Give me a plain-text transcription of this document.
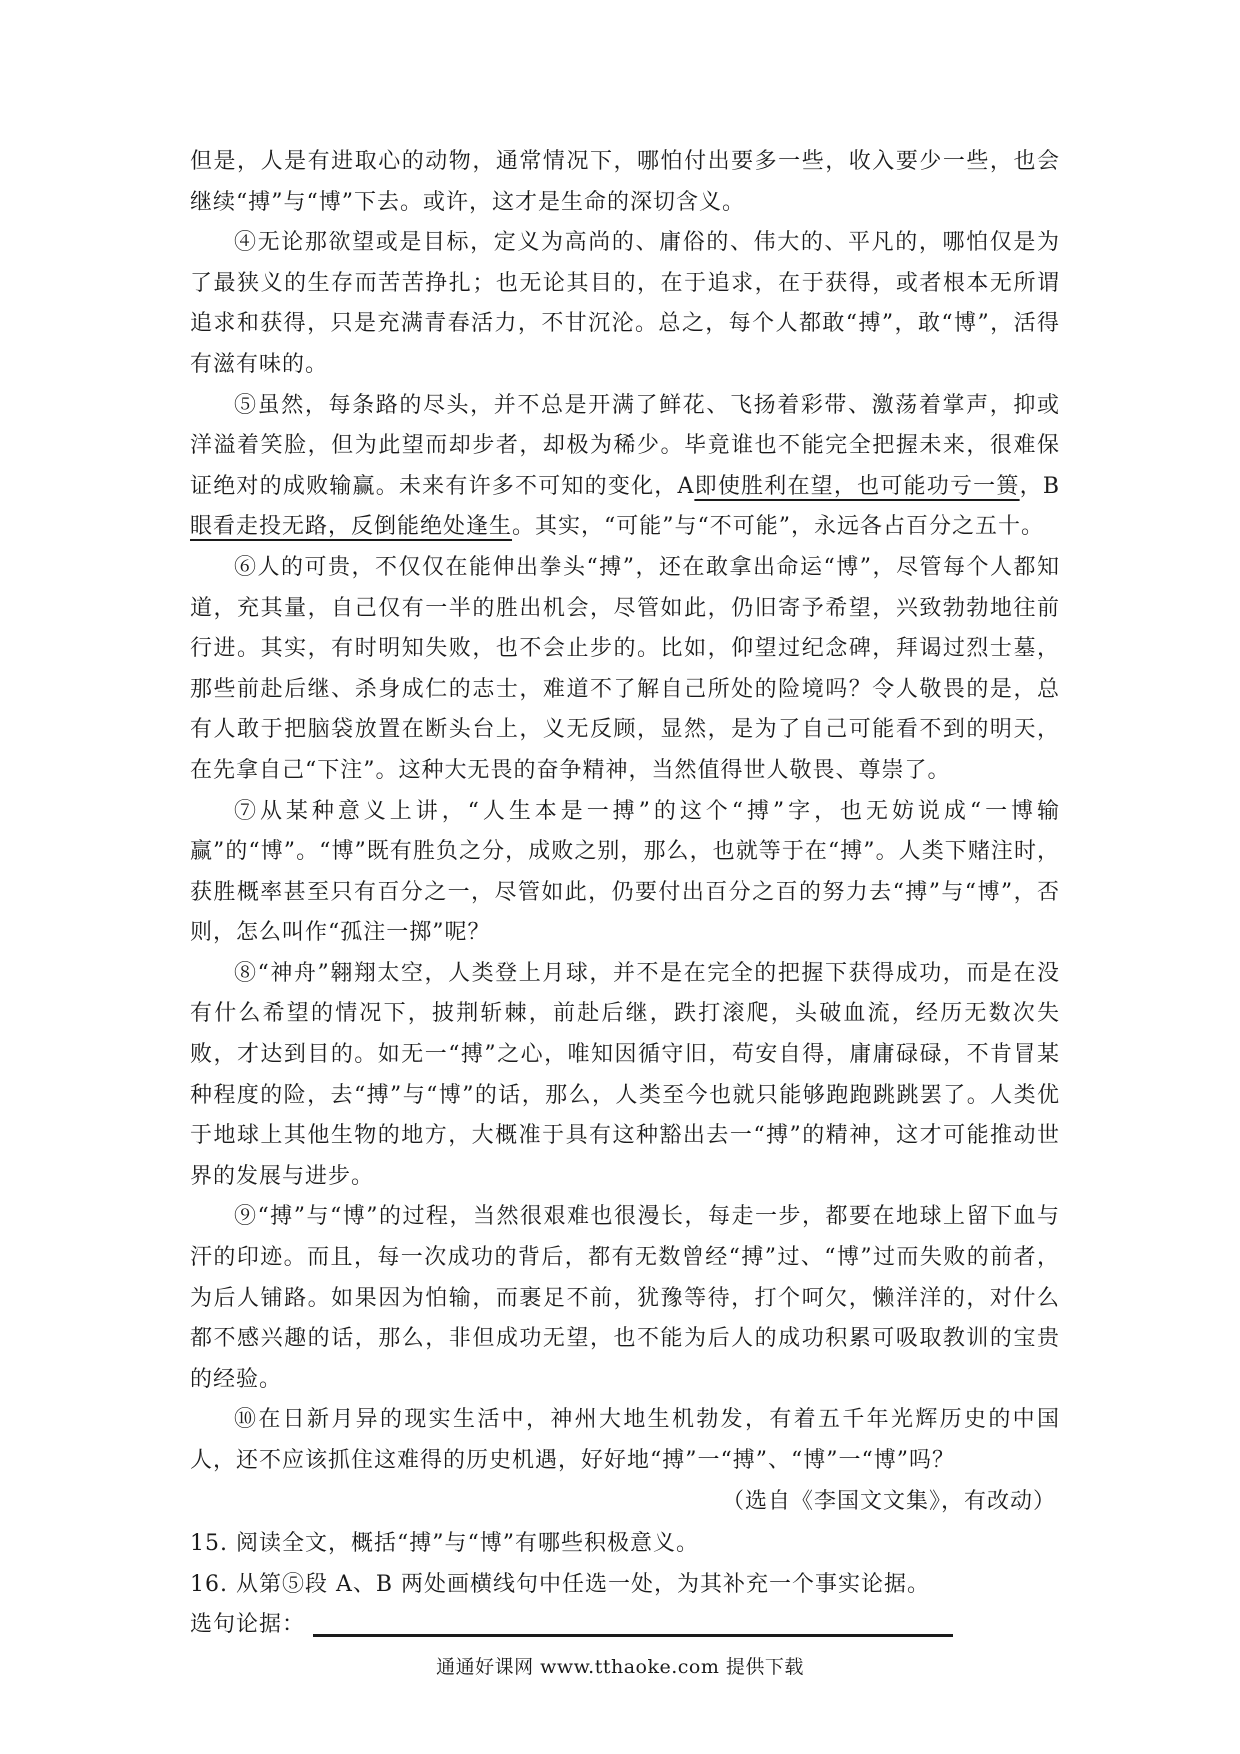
但是，人是有进取心的动物，通常情况下，哪怕付出要多一些，收入要少一些，也会继续“搏”与“博”下去。或许，这才是生命的深切含义。

④无论那欲望或是目标，定义为高尚的、庸俗的、伟大的、平凡的，哪怕仅是为了最狭义的生存而苦苦挣扎；也无论其目的，在于追求，在于获得，或者根本无所谓追求和获得，只是充满青春活力，不甘沉沦。总之，每个人都敢“搏”，敢“博”，活得有滋有味的。

⑤虽然，每条路的尽头，并不总是开满了鲜花、飞扬着彩带、激荡着掌声，抑或洋溢着笑脸，但为此望而却步者，却极为稀少。毕竟谁也不能完全把握未来，很难保证绝对的成败输赢。未来有许多不可知的变化，A即使胜利在望，也可能功亏一篑，B眼看走投无路，反倒能绝处逢生。其实，“可能”与“不可能”，永远各占百分之五十。

⑥人的可贵，不仅仅在能伸出拳头“搏”，还在敢拿出命运“博”，尽管每个人都知道，充其量，自己仅有一半的胜出机会，尽管如此，仍旧寄予希望，兴致勃勃地往前行进。其实，有时明知失败，也不会止步的。比如，仰望过纪念碑，拜谒过烈士墓，那些前赴后继、杀身成仁的志士，难道不了解自己所处的险境吗？令人敬畏的是，总有人敢于把脑袋放置在断头台上，义无反顾，显然，是为了自己可能看不到的明天，在先拿自己“下注”。这种大无畏的奋争精神，当然值得世人敬畏、尊崇了。

⑦从某种意义上讲，“人生本是一搏”的这个“搏”字，也无妨说成“一博输赢”的“博”。“博”既有胜负之分，成败之别，那么，也就等于在“搏”。人类下赌注时，获胜概率甚至只有百分之一，尽管如此，仍要付出百分之百的努力去“搏”与“博”，否则，怎么叫作“孤注一掷”呢？

⑧“神舟”翱翔太空，人类登上月球，并不是在完全的把握下获得成功，而是在没有什么希望的情况下，披荆斩棘，前赴后继，跌打滚爬，头破血流，经历无数次失败，才达到目的。如无一“搏”之心，唯知因循守旧，苟安自得，庸庸碌碌，不肯冒某种程度的险，去“搏”与“博”的话，那么，人类至今也就只能够跑跑跳跳罢了。人类优于地球上其他生物的地方，大概准于具有这种豁出去一“搏”的精神，这才可能推动世界的发展与进步。

⑨“搏”与“博”的过程，当然很艰难也很漫长，每走一步，都要在地球上留下血与汗的印迹。而且，每一次成功的背后，都有无数曾经“搏”过、“博”过而失败的前者，为后人铺路。如果因为怕输，而裹足不前，犹豫等待，打个呵欠，懒洋洋的，对什么都不感兴趣的话，那么，非但成功无望，也不能为后人的成功积累可吸取教训的宝贵的经验。

⑩在日新月异的现实生活中，神州大地生机勃发，有着五千年光辉历史的中国人，还不应该抓住这难得的历史机遇，好好地“搏”一“搏”、“博”一“博”吗？

（选自《李国文文集》，有改动）

15. 阅读全文，概括“搏”与“博”有哪些积极意义。

16. 从第⑤段 A、B 两处画横线句中任选一处，为其补充一个事实论据。

选句论据：
通通好课网 www.tthaoke.com 提供下载
